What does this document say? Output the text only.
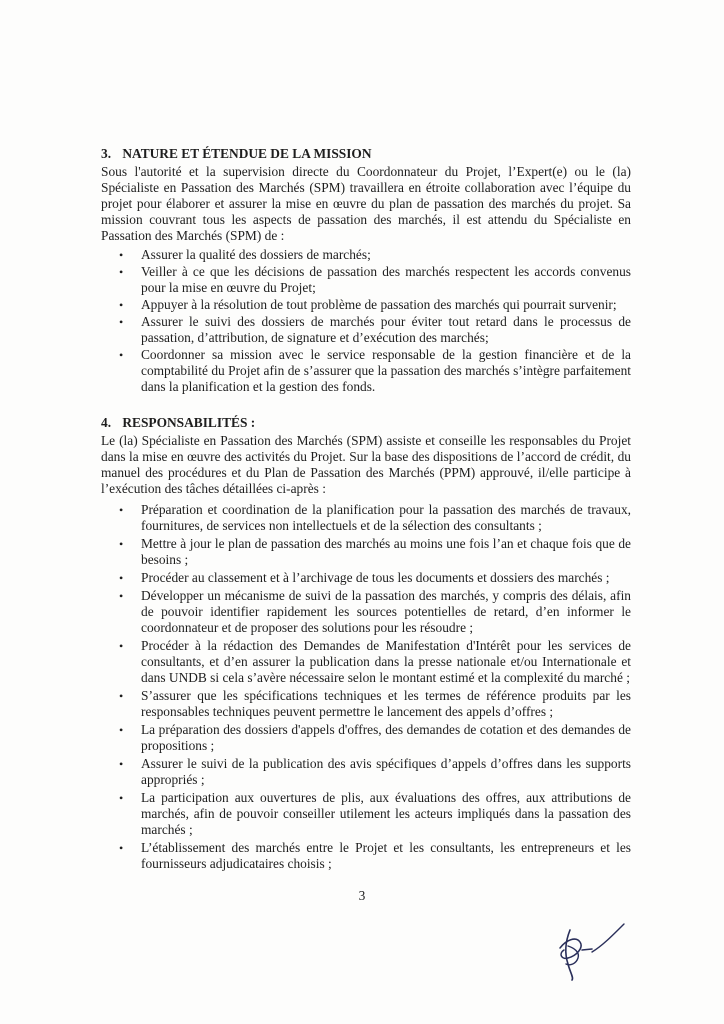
3. NATURE ET ÉTENDUE DE LA MISSION

Sous l'autorité et la supervision directe du Coordonnateur du Projet, l’Expert(e) ou le (la) Spécialiste en Passation des Marchés (SPM) travaillera en étroite collaboration avec l’équipe du projet pour élaborer et assurer la mise en œuvre du plan de passation des marchés du projet. Sa mission couvrant tous les aspects de passation des marchés, il est attendu du Spécialiste en Passation des Marchés (SPM) de :

• Assurer la qualité des dossiers de marchés;
• Veiller à ce que les décisions de passation des marchés respectent les accords convenus pour la mise en œuvre du Projet;
• Appuyer à la résolution de tout problème de passation des marchés qui pourrait survenir;
• Assurer le suivi des dossiers de marchés pour éviter tout retard dans le processus de passation, d’attribution, de signature et d’exécution des marchés;
• Coordonner sa mission avec le service responsable de la gestion financière et de la comptabilité du Projet afin de s’assurer que la passation des marchés s’intègre parfaitement dans la planification et la gestion des fonds.
4. RESPONSABILITÉS :

Le (la) Spécialiste en Passation des Marchés (SPM) assiste et conseille les responsables du Projet dans la mise en œuvre des activités du Projet. Sur la base des dispositions de l’accord de crédit, du manuel des procédures et du Plan de Passation des Marchés (PPM) approuvé, il/elle participe à l’exécution des tâches détaillées ci-après :

• Préparation et coordination de la planification pour la passation des marchés de travaux, fournitures, de services non intellectuels et de la sélection des consultants ;
• Mettre à jour le plan de passation des marchés au moins une fois l’an et chaque fois que de besoins ;
• Procéder au classement et à l’archivage de tous les documents et dossiers des marchés ;
• Développer un mécanisme de suivi de la passation des marchés, y compris des délais, afin de pouvoir identifier rapidement les sources potentielles de retard, d’en informer le coordonnateur et de proposer des solutions pour les résoudre ;
• Procéder à la rédaction des Demandes de Manifestation d'Intérêt pour les services de consultants, et d’en assurer la publication dans la presse nationale et/ou Internationale et dans UNDB si cela s’avère nécessaire selon le montant estimé et la complexité du marché ;
• S’assurer que les spécifications techniques et les termes de référence produits par les responsables techniques peuvent permettre le lancement des appels d’offres ;
• La préparation des dossiers d'appels d'offres, des demandes de cotation et des demandes de propositions ;
• Assurer le suivi de la publication des avis spécifiques d’appels d’offres dans les supports appropriés ;
• La participation aux ouvertures de plis, aux évaluations des offres, aux attributions de marchés, afin de pouvoir conseiller utilement les acteurs impliqués dans la passation des marchés ;
• L’établissement des marchés entre le Projet et les consultants, les entrepreneurs et les fournisseurs adjudicataires choisis ;
3
